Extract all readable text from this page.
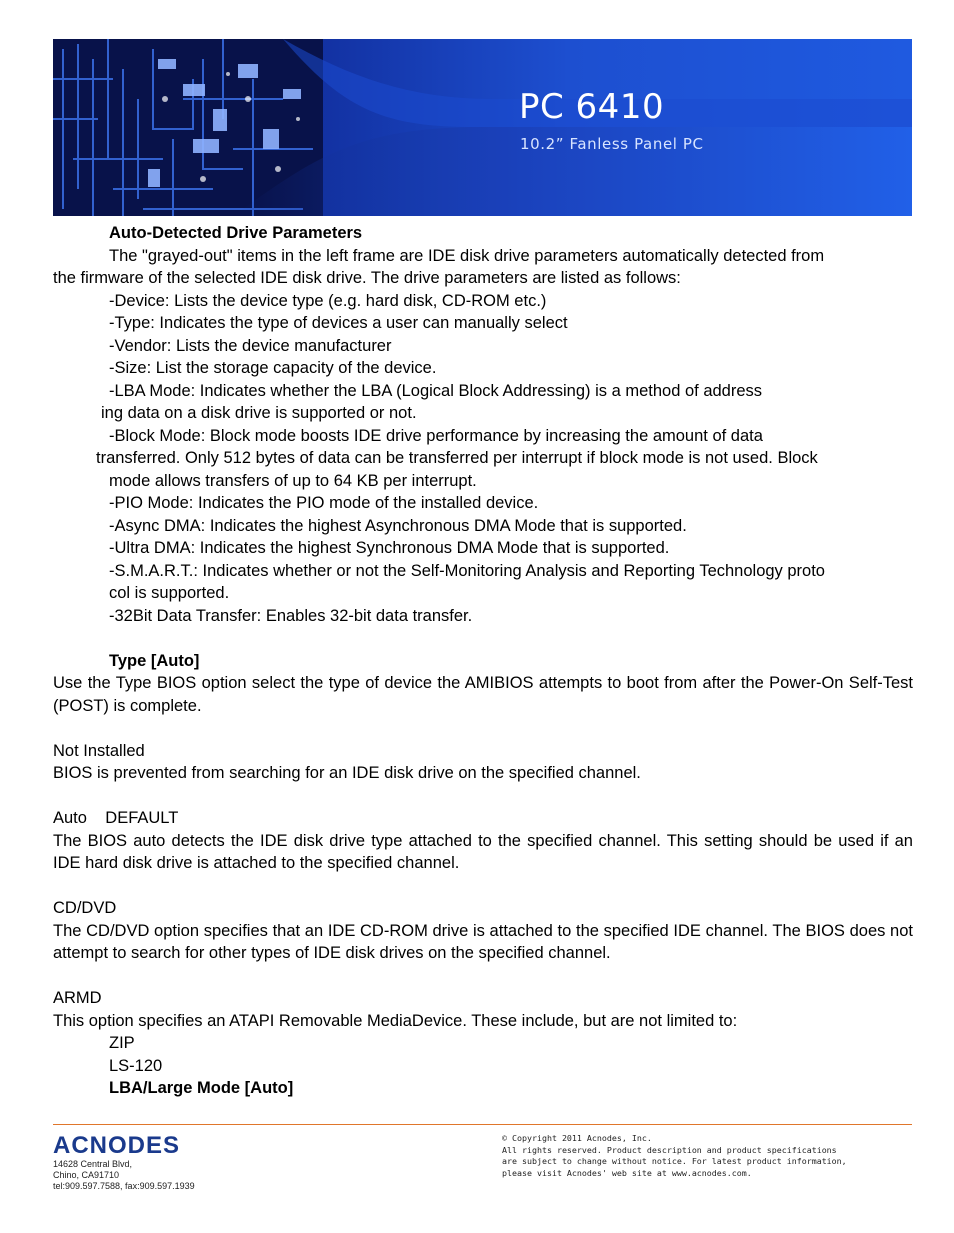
PC 6410
10.2” Fanless Panel PC
Auto-Detected Drive Parameters
The "grayed-out" items in the left frame are IDE disk drive parameters automatically detected from
the firmware of the selected IDE disk drive. The drive parameters are listed as follows:
-Device: Lists the device type (e.g. hard disk, CD-ROM etc.)
-Type: Indicates the type of devices a user can manually select
-Vendor: Lists the device manufacturer
-Size: List the storage capacity of the device.
-LBA Mode: Indicates whether the LBA (Logical Block Addressing) is a method of address
ing data on a disk drive is supported or not.
-Block Mode: Block mode boosts IDE drive performance by increasing the amount of data
transferred. Only 512 bytes of data can be transferred per interrupt if block mode is not used. Block
mode allows transfers of up to 64 KB per interrupt.
-PIO Mode: Indicates the PIO mode of the installed device.
-Async DMA: Indicates the highest Asynchronous DMA Mode that is supported.
-Ultra DMA: Indicates the highest Synchronous DMA Mode that is supported.
-S.M.A.R.T.: Indicates whether or not the Self-Monitoring Analysis and Reporting Technology proto
col is supported.
-32Bit Data Transfer: Enables 32-bit data transfer.
Type [Auto]
Use the Type BIOS option select the type of device the AMIBIOS attempts to boot from after the Power-On Self-Test (POST) is complete.
Not Installed
BIOS is prevented from searching for an IDE disk drive on the specified channel.
Auto    DEFAULT
The BIOS auto detects the IDE disk drive type attached to the specified channel. This setting should be used if an IDE hard disk drive is attached to the specified channel.
CD/DVD
The CD/DVD option specifies that an IDE CD-ROM drive is attached to the specified IDE channel. The BIOS does not attempt to search for other types of IDE disk drives on the specified channel.
ARMD
This option specifies an ATAPI Removable MediaDevice. These include, but are not limited to:
ZIP
LS-120
LBA/Large Mode [Auto]
ACNODES
14628 Central Blvd,
Chino, CA91710
tel:909.597.7588, fax:909.597.1939
© Copyright 2011 Acnodes, Inc.
All rights reserved. Product description and product specifications
are subject to change without notice. For latest product information,
please visit Acnodes' web site at www.acnodes.com.
